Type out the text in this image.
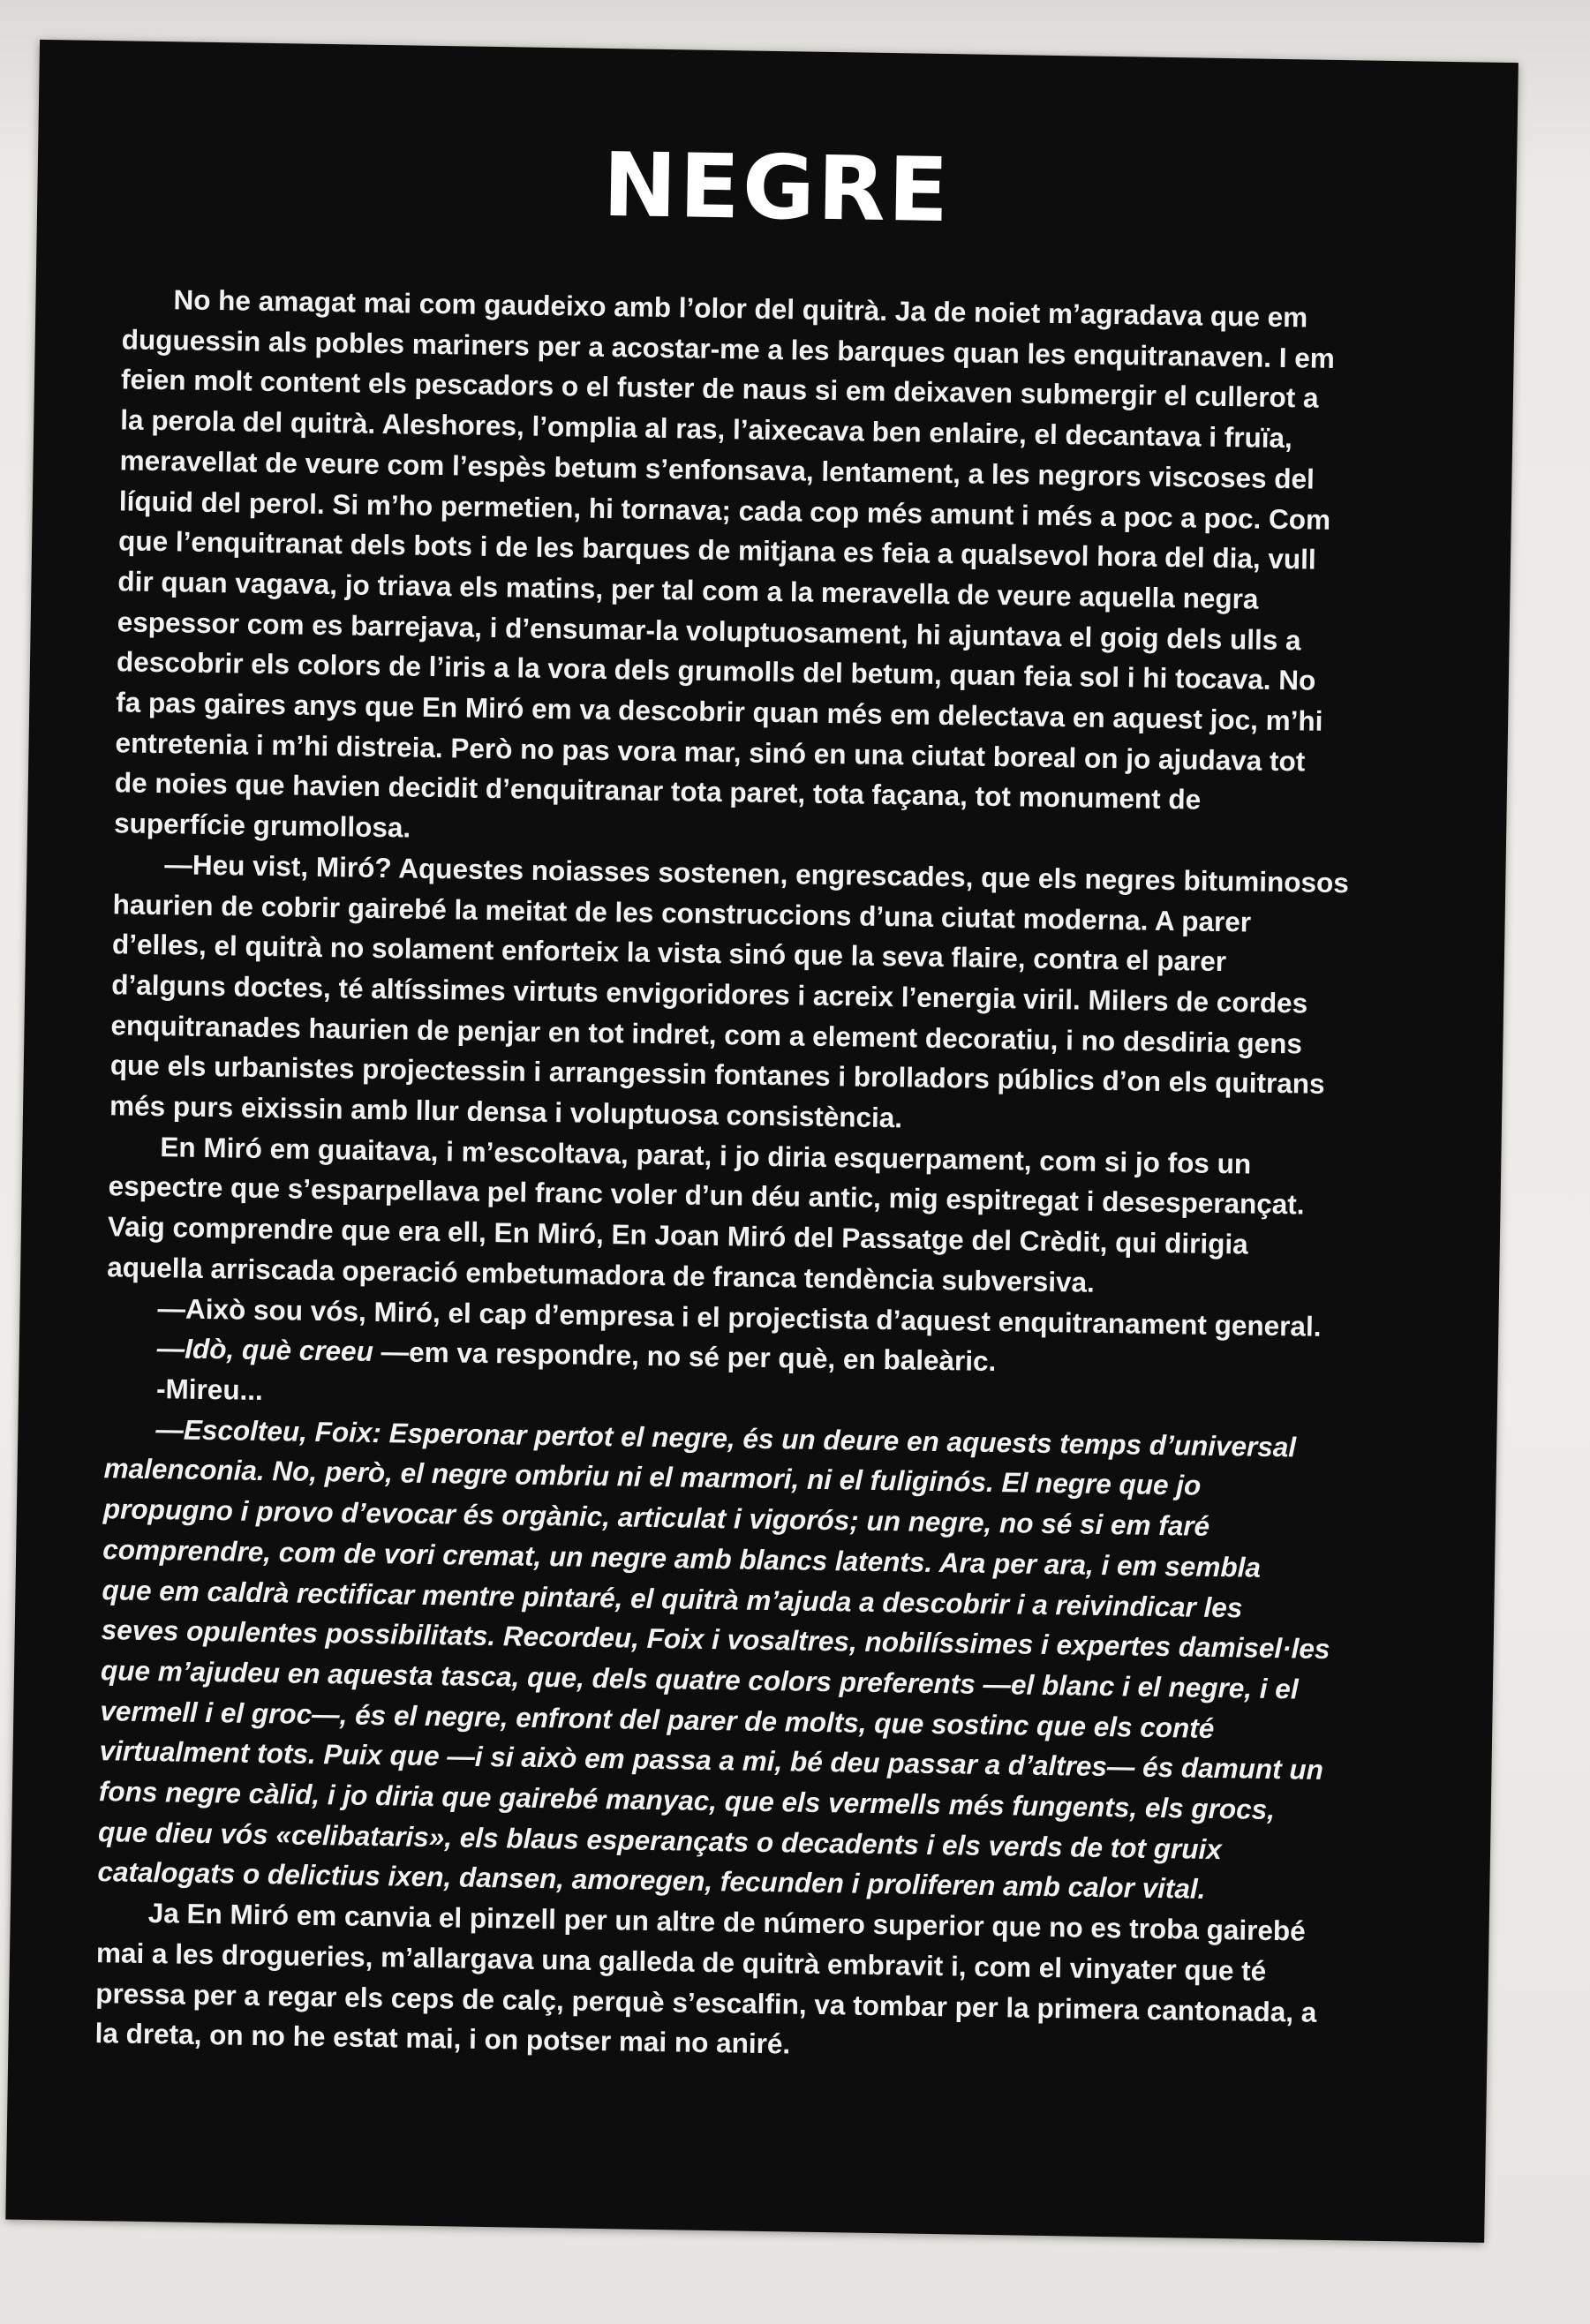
NEGRE
No he amagat mai com gaudeixo amb l’olor del quitrà. Ja de noiet m’agradava que em
duguessin als pobles mariners per a acostar-me a les barques quan les enquitranaven. I em
feien molt content els pescadors o el fuster de naus si em deixaven submergir el cullerot a
la perola del quitrà. Aleshores, l’omplia al ras, l’aixecava ben enlaire, el decantava i fruïa,
meravellat de veure com l’espès betum s’enfonsava, lentament, a les negrors viscoses del
líquid del perol. Si m’ho permetien, hi tornava; cada cop més amunt i més a poc a poc. Com
que l’enquitranat dels bots i de les barques de mitjana es feia a qualsevol hora del dia, vull
dir quan vagava, jo triava els matins, per tal com a la meravella de veure aquella negra
espessor com es barrejava, i d’ensumar-la voluptuosament, hi ajuntava el goig dels ulls a
descobrir els colors de l’iris a la vora dels grumolls del betum, quan feia sol i hi tocava. No
fa pas gaires anys que En Miró em va descobrir quan més em delectava en aquest joc, m’hi
entretenia i m’hi distreia. Però no pas vora mar, sinó en una ciutat boreal on jo ajudava tot
de noies que havien decidit d’enquitranar tota paret, tota façana, tot monument de
superfície grumollosa.
—Heu vist, Miró? Aquestes noiasses sostenen, engrescades, que els negres bituminosos
haurien de cobrir gairebé la meitat de les construccions d’una ciutat moderna. A parer
d’elles, el quitrà no solament enforteix la vista sinó que la seva flaire, contra el parer
d’alguns doctes, té altíssimes virtuts envigoridores i acreix l’energia viril. Milers de cordes
enquitranades haurien de penjar en tot indret, com a element decoratiu, i no desdiria gens
que els urbanistes projectessin i arrangessin fontanes i brolladors públics d’on els quitrans
més purs eixissin amb llur densa i voluptuosa consistència.
En Miró em guaitava, i m’escoltava, parat, i jo diria esquerpament, com si jo fos un
espectre que s’esparpellava pel franc voler d’un déu antic, mig espitregat i desesperançat.
Vaig comprendre que era ell, En Miró, En Joan Miró del Passatge del Crèdit, qui dirigia
aquella arriscada operació embetumadora de franca tendència subversiva.
—Això sou vós, Miró, el cap d’empresa i el projectista d’aquest enquitranament general.
—Idò, què creeu —em va respondre, no sé per què, en baleàric.
-Mireu...
—Escolteu, Foix: Esperonar pertot el negre, és un deure en aquests temps d’universal
malenconia. No, però, el negre ombriu ni el marmori, ni el fuliginós. El negre que jo
propugno i provo d’evocar és orgànic, articulat i vigorós; un negre, no sé si em faré
comprendre, com de vori cremat, un negre amb blancs latents. Ara per ara, i em sembla
que em caldrà rectificar mentre pintaré, el quitrà m’ajuda a descobrir i a reivindicar les
seves opulentes possibilitats. Recordeu, Foix i vosaltres, nobilíssimes i expertes damisel·les
que m’ajudeu en aquesta tasca, que, dels quatre colors preferents —el blanc i el negre, i el
vermell i el groc—, és el negre, enfront del parer de molts, que sostinc que els conté
virtualment tots. Puix que —i si això em passa a mi, bé deu passar a d’altres— és damunt un
fons negre càlid, i jo diria que gairebé manyac, que els vermells més fungents, els grocs,
que dieu vós «celibataris», els blaus esperançats o decadents i els verds de tot gruix
catalogats o delictius ixen, dansen, amoregen, fecunden i proliferen amb calor vital.
Ja En Miró em canvia el pinzell per un altre de número superior que no es troba gairebé
mai a les drogueries, m’allargava una galleda de quitrà embravit i, com el vinyater que té
pressa per a regar els ceps de calç, perquè s’escalfin, va tombar per la primera cantonada, a
la dreta, on no he estat mai, i on potser mai no aniré.
